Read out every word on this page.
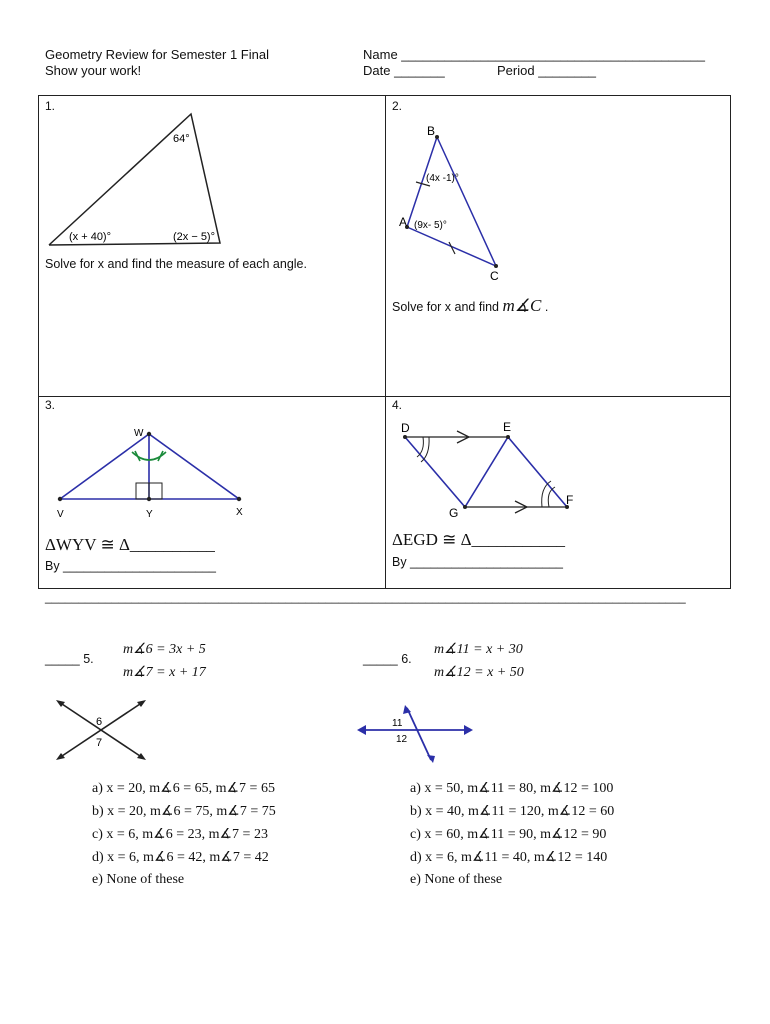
Geometry Review for Semester 1 Final
Show your work!
Name __________________________________________
Date _______	Period ________
1.
64°
(x + 40)°	(2x − 5)°
Solve for x and find the measure of each angle.
2.
B
A
C
(4x -1)°
(9x- 5)°
Solve for x and find m∡C .
3.
W
V	Y	X
ΔWYV ≅ Δ__________
By ______________________
4.
D	E
F
G
ΔEGD ≅ Δ___________
By ______________________
________________________________________________________________________________________________
_____ 5.
m∡6 = 3x + 5
m∡7 = x + 17
6
7
a) x = 20, m∡6 = 65, m∡7 = 65
b) x = 20, m∡6 = 75, m∡7 = 75
c) x = 6, m∡6 = 23, m∡7 = 23
d) x = 6, m∡6 = 42, m∡7 = 42
e) None of these
_____ 6.
m∡11 = x + 30
m∡12 = x + 50
11
12
a) x = 50, m∡11 = 80, m∡12 = 100
b) x = 40, m∡11 = 120, m∡12 = 60
c) x = 60, m∡11 = 90, m∡12 = 90
d) x = 6, m∡11 = 40, m∡12 = 140
e) None of these
